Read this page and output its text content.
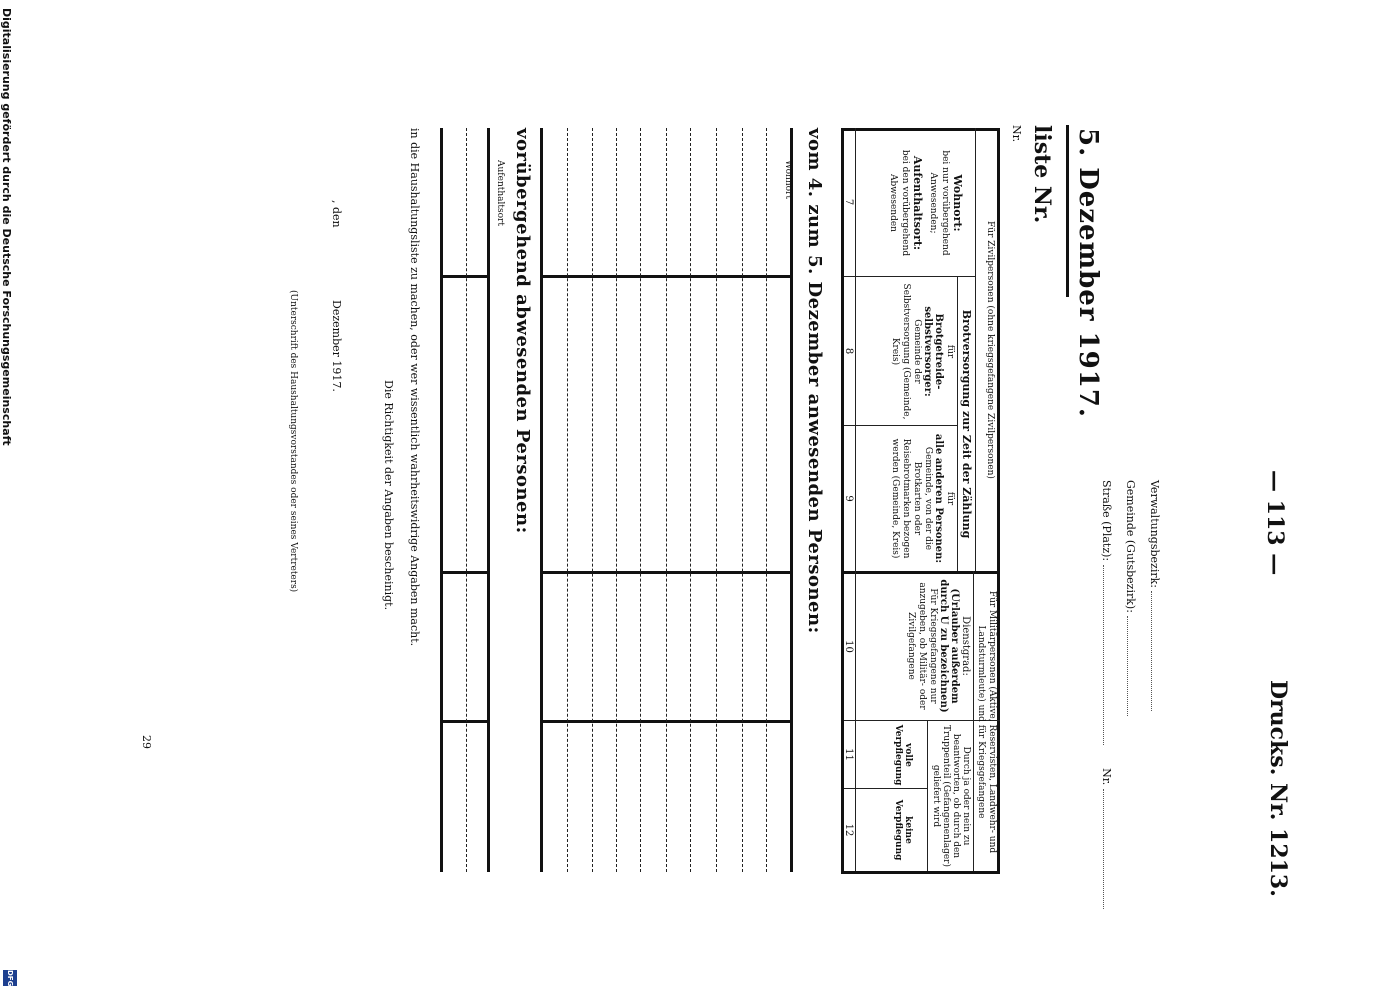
— 113 —
Drucks. Nr. 1213.
Verwaltungsbezirk:
Gemeinde (Gutsbezirk):
Straße (Platz):  Nr.
5. Dezember 1917.
liste Nr.
Nr.
Für Zivilpersonen (ohne kriegsgefangene Zivilpersonen)
Wohnort:
bei nur vorübergehend Anwesenden;
Aufenthaltsort:
bei den vorübergehend Abwesenden
Brotversorgung zur Zeit der Zählung
für
Brotgetreide-selbstversorger:
Gemeinde der Selbstversorgung (Gemeinde, Kreis)
für
alle anderen Personen:
Gemeinde, von der die Brotkarten oder Reisebrotmarken bezogen werden (Gemeinde, Kreis)
Für Militärpersonen (Aktive, Reservisten, Landwehr- und Landsturmleute) und für Kriegsgefangene
Dienstgrad:
(Urlauber außerdem durch U zu bezeichnen)
Für Kriegsgefangene nur anzugeben, ob Militär- oder Zivilgefangene
Durch ja oder nein zu beantworten, ob durch den Truppenteil (Gefangenenlager) geliefert wird
volle Verpflegung
keine Verpflegung
7
8
9
10
11
12
vom 4. zum 5. Dezember anwesenden Personen:
Wohnort
vorübergehend abwesenden Personen:
Aufenthaltsort
in die Haushaltungsliste zu machen, oder wer wissentlich wahrheitswidrige Angaben macht.
Die Richtigkeit der Angaben bescheinigt.
, den
Dezember 1917.
(Unterschrift des Haushaltungsvorstandes oder seines Vertreters)
29
Digitalisierung gefördert durch die Deutsche Forschungsgemeinschaft
DFG
